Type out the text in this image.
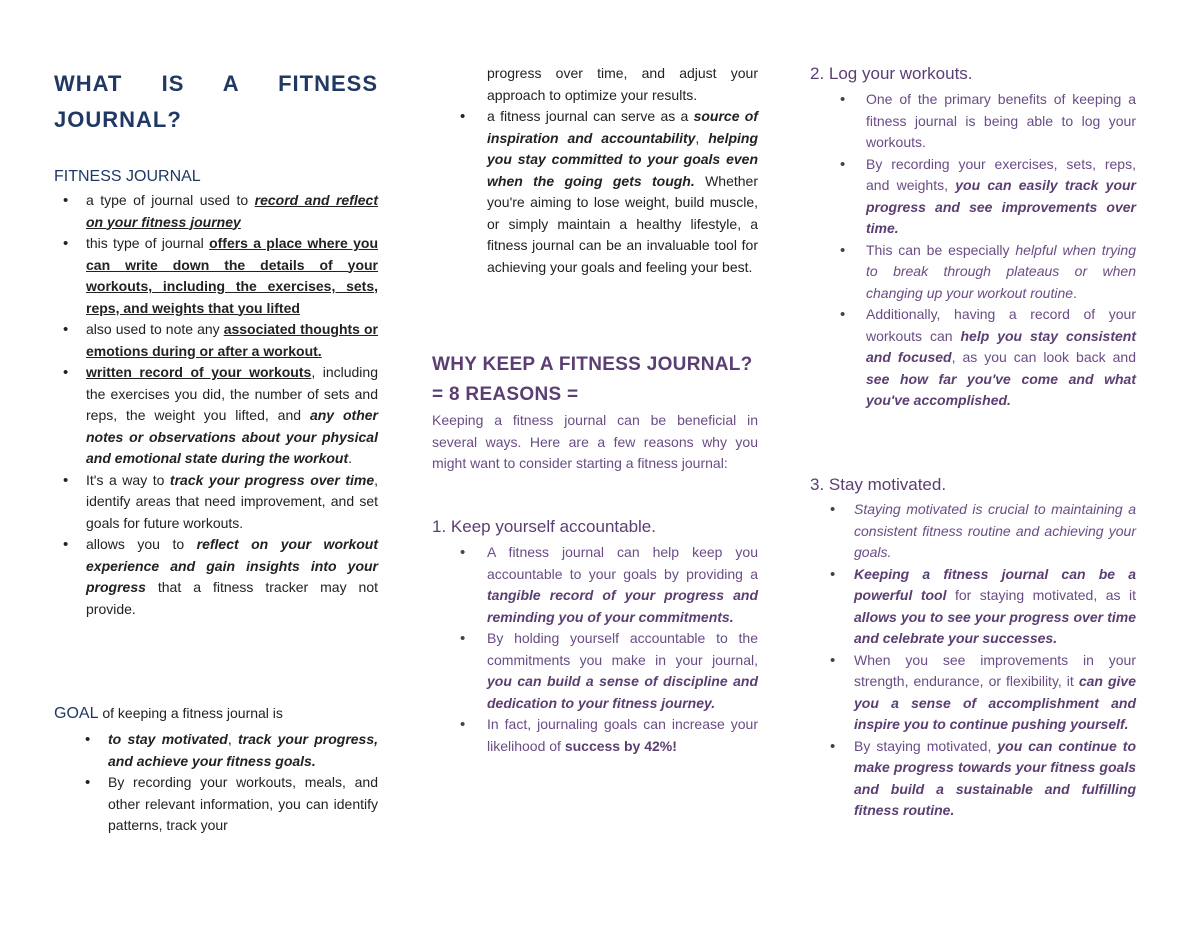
WHAT IS A FITNESS
JOURNAL?
FITNESS JOURNAL
• a type of journal used to record and reflect on your fitness journey
• this type of journal offers a place where you can write down the details of your workouts, including the exercises, sets, reps, and weights that you lifted
• also used to note any associated thoughts or emotions during or after a workout.
• written record of your workouts, including the exercises you did, the number of sets and reps, the weight you lifted, and any other notes or observations about your physical and emotional state during the workout.
• It's a way to track your progress over time, identify areas that need improvement, and set goals for future workouts.
• allows you to reflect on your workout experience and gain insights into your progress that a fitness tracker may not provide.
GOAL of keeping a fitness journal is
• to stay motivated, track your progress, and achieve your fitness goals.
• By recording your workouts, meals, and other relevant information, you can identify patterns, track your

progress over time, and adjust your approach to optimize your results.

• a fitness journal can serve as a source of inspiration and accountability, helping you stay committed to your goals even when the going gets tough. Whether you're aiming to lose weight, build muscle, or simply maintain a healthy lifestyle, a fitness journal can be an invaluable tool for achieving your goals and feeling your best.
WHY KEEP A FITNESS JOURNAL?
= 8 REASONS =

Keeping a fitness journal can be beneficial in several ways. Here are a few reasons why you might want to consider starting a fitness journal:

1. Keep yourself accountable.
• A fitness journal can help keep you accountable to your goals by providing a tangible record of your progress and reminding you of your commitments.
• By holding yourself accountable to the commitments you make in your journal, you can build a sense of discipline and dedication to your fitness journey.
• In fact, journaling goals can increase your likelihood of success by 42%!
2. Log your workouts.
• One of the primary benefits of keeping a fitness journal is being able to log your workouts.
• By recording your exercises, sets, reps, and weights, you can easily track your progress and see improvements over time.
• This can be especially helpful when trying to break through plateaus or when changing up your workout routine.
• Additionally, having a record of your workouts can help you stay consistent and focused, as you can look back and see how far you've come and what you've accomplished.
3. Stay motivated.
• Staying motivated is crucial to maintaining a consistent fitness routine and achieving your goals.
• Keeping a fitness journal can be a powerful tool for staying motivated, as it allows you to see your progress over time and celebrate your successes.
• When you see improvements in your strength, endurance, or flexibility, it can give you a sense of accomplishment and inspire you to continue pushing yourself.
• By staying motivated, you can continue to make progress towards your fitness goals and build a sustainable and fulfilling fitness routine.
